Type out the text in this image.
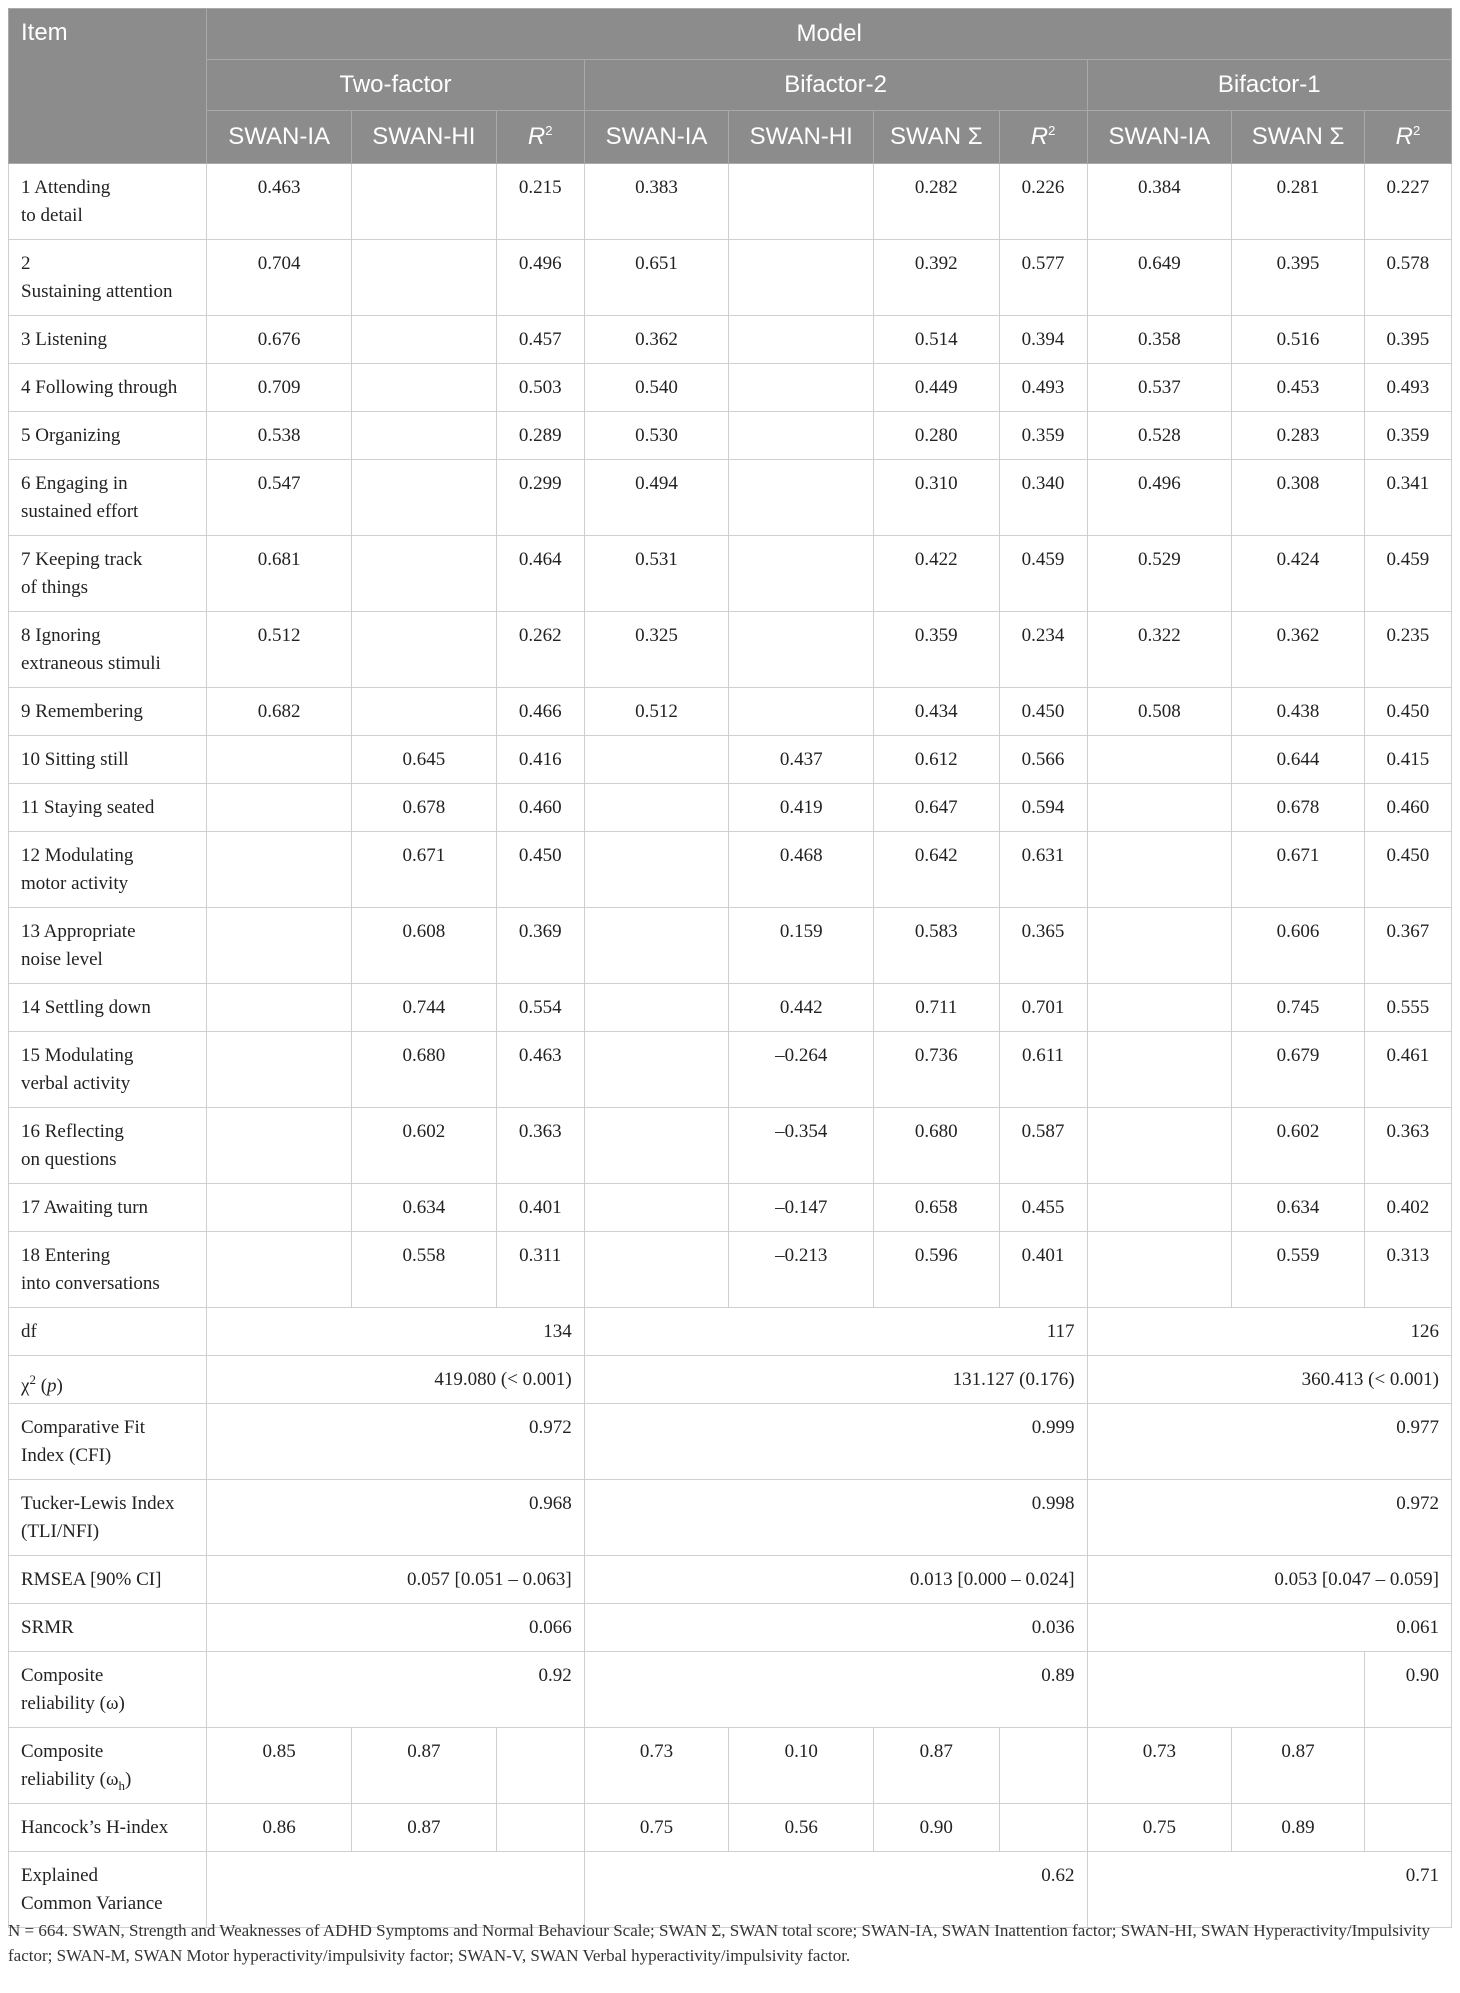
Item	Model									
	Two-factor			Bifactor-2				Bifactor-1		
	SWAN-IA	SWAN-HI	$R^2$	SWAN-IA	SWAN-HI	SWAN Σ	$R^2$	SWAN-IA	SWAN Σ	$R^2$
1 Attending
to detail	0.463		0.215	0.383		0.282	0.226	0.384	0.281	0.227
2
Sustaining attention	0.704		0.496	0.651		0.392	0.577	0.649	0.395	0.578
3 Listening	0.676		0.457	0.362		0.514	0.394	0.358	0.516	0.395
4 Following through	0.709		0.503	0.540		0.449	0.493	0.537	0.453	0.493
5 Organizing	0.538		0.289	0.530		0.280	0.359	0.528	0.283	0.359
6 Engaging in
sustained effort	0.547		0.299	0.494		0.310	0.340	0.496	0.308	0.341
7 Keeping track
of things	0.681		0.464	0.531		0.422	0.459	0.529	0.424	0.459
8 Ignoring
extraneous stimuli	0.512		0.262	0.325		0.359	0.234	0.322	0.362	0.235
9 Remembering	0.682		0.466	0.512		0.434	0.450	0.508	0.438	0.450
10 Sitting still		0.645	0.416		0.437	0.612	0.566		0.644	0.415
11 Staying seated		0.678	0.460		0.419	0.647	0.594		0.678	0.460
12 Modulating
motor activity		0.671	0.450		0.468	0.642	0.631		0.671	0.450
13 Appropriate
noise level		0.608	0.369		0.159	0.583	0.365		0.606	0.367
14 Settling down		0.744	0.554		0.442	0.711	0.701		0.745	0.555
15 Modulating
verbal activity		0.680	0.463		–0.264	0.736	0.611		0.679	0.461
16 Reflecting
on questions		0.602	0.363		–0.354	0.680	0.587		0.602	0.363
17 Awaiting turn		0.634	0.401		–0.147	0.658	0.455		0.634	0.402
18 Entering
into conversations		0.558	0.311		–0.213	0.596	0.401		0.559	0.313
df	134			117				126		
$\chi^2$ (p)	419.080 (< 0.001)			131.127 (0.176)				360.413 (< 0.001)		
Comparative Fit
Index (CFI)	0.972			0.999				0.977		
Tucker-Lewis Index
(TLI/NFI)	0.968			0.998				0.972		
RMSEA [90% CI]	0.057 [0.051 – 0.063]			0.013 [0.000 – 0.024]				0.053 [0.047 – 0.059]		
SRMR	0.066			0.036				0.061		
Composite
reliability (ω)	0.92			0.89						0.90
Composite
reliability $(\omega_h)$	0.85	0.87		0.73	0.10	0.87		0.73	0.87	
Hancock’s H-index	0.86	0.87		0.75	0.56	0.90		0.75	0.89	
Explained
Common Variance				0.62				0.71		
N = 664. SWAN, Strength and Weaknesses of ADHD Symptoms and Normal Behaviour Scale; SWAN Σ, SWAN total score; SWAN-IA, SWAN Inattention factor; SWAN-HI, SWAN Hyperactivity/Impulsivity factor; SWAN-M, SWAN Motor hyperactivity/impulsivity factor; SWAN-V, SWAN Verbal hyperactivity/impulsivity factor.
